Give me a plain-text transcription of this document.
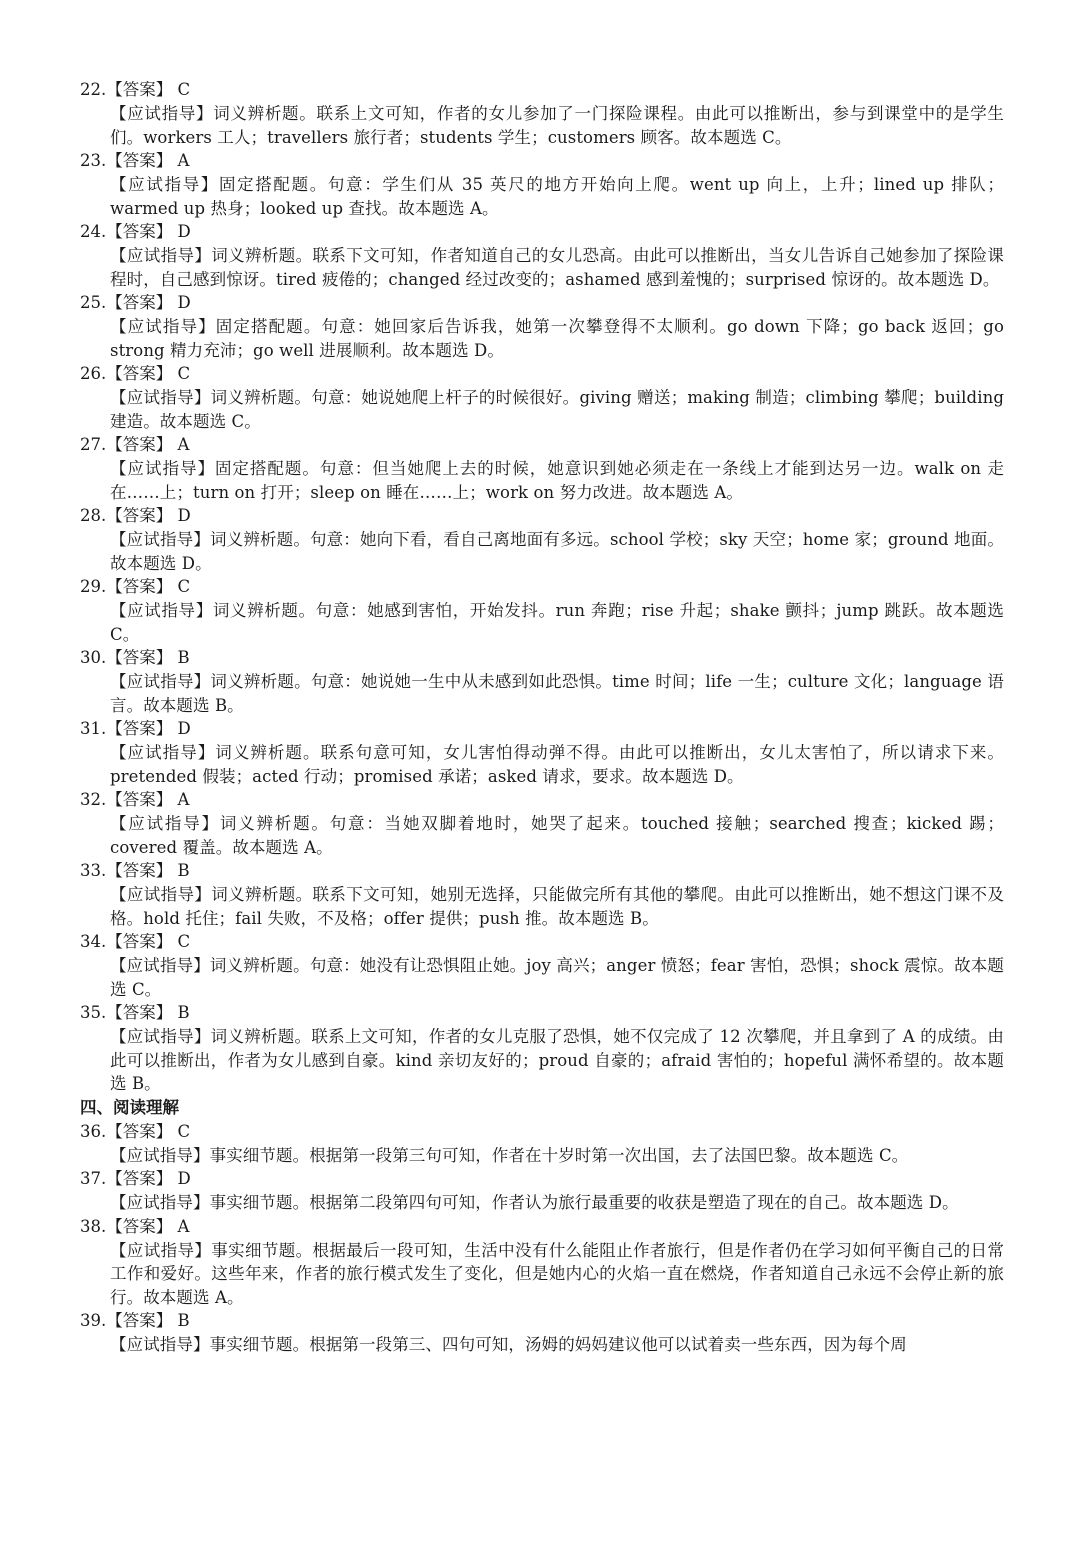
22.【答案】 C
【应试指导】词义辨析题。联系上文可知，作者的女儿参加了一门探险课程。由此可以推断出，参与到课堂中的是学生们。workers 工人；travellers 旅行者；students 学生；customers 顾客。故本题选 C。
23.【答案】 A
【应试指导】固定搭配题。句意：学生们从 35 英尺的地方开始向上爬。went up 向上，上升；lined up 排队；warmed up 热身；looked up 查找。故本题选 A。
24.【答案】 D
【应试指导】词义辨析题。联系下文可知，作者知道自己的女儿恐高。由此可以推断出，当女儿告诉自己她参加了探险课程时，自己感到惊讶。tired 疲倦的；changed 经过改变的；ashamed 感到羞愧的；surprised 惊讶的。故本题选 D。
25.【答案】 D
【应试指导】固定搭配题。句意：她回家后告诉我，她第一次攀登得不太顺利。go down 下降；go back 返回；go strong 精力充沛；go well 进展顺利。故本题选 D。
26.【答案】 C
【应试指导】词义辨析题。句意：她说她爬上杆子的时候很好。giving 赠送；making 制造；climbing 攀爬；building 建造。故本题选 C。
27.【答案】 A
【应试指导】固定搭配题。句意：但当她爬上去的时候，她意识到她必须走在一条线上才能到达另一边。walk on 走在……上；turn on 打开；sleep on 睡在……上；work on 努力改进。故本题选 A。
28.【答案】 D
【应试指导】词义辨析题。句意：她向下看，看自己离地面有多远。school 学校；sky 天空；home 家；ground 地面。故本题选 D。
29.【答案】 C
【应试指导】词义辨析题。句意：她感到害怕，开始发抖。run 奔跑；rise 升起；shake 颤抖；jump 跳跃。故本题选 C。
30.【答案】 B
【应试指导】词义辨析题。句意：她说她一生中从未感到如此恐惧。time 时间；life 一生；culture 文化；language 语言。故本题选 B。
31.【答案】 D
【应试指导】词义辨析题。联系句意可知，女儿害怕得动弹不得。由此可以推断出，女儿太害怕了，所以请求下来。pretended 假装；acted 行动；promised 承诺；asked 请求，要求。故本题选 D。
32.【答案】 A
【应试指导】词义辨析题。句意：当她双脚着地时，她哭了起来。touched 接触；searched 搜查；kicked 踢；covered 覆盖。故本题选 A。
33.【答案】 B
【应试指导】词义辨析题。联系下文可知，她别无选择，只能做完所有其他的攀爬。由此可以推断出，她不想这门课不及格。hold 托住；fail 失败，不及格；offer 提供；push 推。故本题选 B。
34.【答案】 C
【应试指导】词义辨析题。句意：她没有让恐惧阻止她。joy 高兴；anger 愤怒；fear 害怕，恐惧；shock 震惊。故本题选 C。
35.【答案】 B
【应试指导】词义辨析题。联系上文可知，作者的女儿克服了恐惧，她不仅完成了 12 次攀爬，并且拿到了 A 的成绩。由此可以推断出，作者为女儿感到自豪。kind 亲切友好的；proud 自豪的；afraid 害怕的；hopeful 满怀希望的。故本题选 B。
四、阅读理解
36.【答案】 C
【应试指导】事实细节题。根据第一段第三句可知，作者在十岁时第一次出国，去了法国巴黎。故本题选 C。
37.【答案】 D
【应试指导】事实细节题。根据第二段第四句可知，作者认为旅行最重要的收获是塑造了现在的自己。故本题选 D。
38.【答案】 A
【应试指导】事实细节题。根据最后一段可知，生活中没有什么能阻止作者旅行，但是作者仍在学习如何平衡自己的日常工作和爱好。这些年来，作者的旅行模式发生了变化，但是她内心的火焰一直在燃烧，作者知道自己永远不会停止新的旅行。故本题选 A。
39.【答案】 B
【应试指导】事实细节题。根据第一段第三、四句可知，汤姆的妈妈建议他可以试着卖一些东西，因为每个周
